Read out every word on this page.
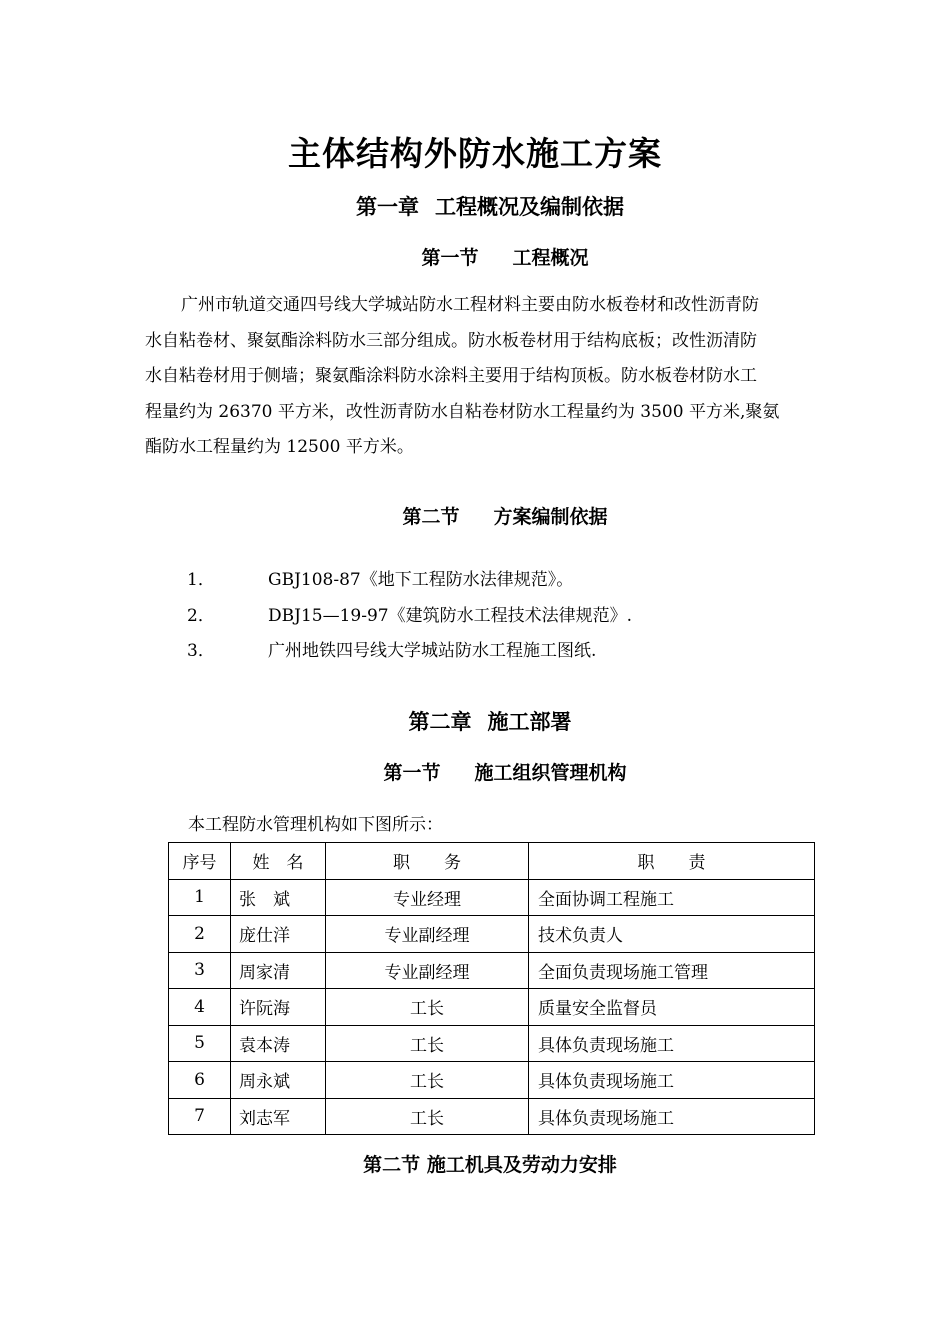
主体结构外防水施工方案
第一章 工程概况及编制依据
第一节 工程概况
广州市轨道交通四号线大学城站防水工程材料主要由防水板卷材和改性沥青防
水自粘卷材、聚氨酯涂料防水三部分组成。防水板卷材用于结构底板；改性沥清防
水自粘卷材用于侧墙；聚氨酯涂料防水涂料主要用于结构顶板。防水板卷材防水工
程量约为 26370 平方米，改性沥青防水自粘卷材防水工程量约为 3500 平方米,聚氨
酯防水工程量约为 12500 平方米。
第二节 方案编制依据
1．	GBJ108-87《地下工程防水法律规范》。
2．	DBJ15—19-97《建筑防水工程技术法律规范》.
3．	广州地铁四号线大学城站防水工程施工图纸.
第二章 施工部署
第一节 施工组织管理机构
本工程防水管理机构如下图所示：
序号	姓　名	职　　务	职　　责
1	张　斌	专业经理	全面协调工程施工
2	庞仕洋	专业副经理	技术负责人
3	周家清	专业副经理	全面负责现场施工管理
4	许阮海	工长	质量安全监督员
5	袁本涛	工长	具体负责现场施工
6	周永斌	工长	具体负责现场施工
7	刘志军	工长	具体负责现场施工
第二节 施工机具及劳动力安排
